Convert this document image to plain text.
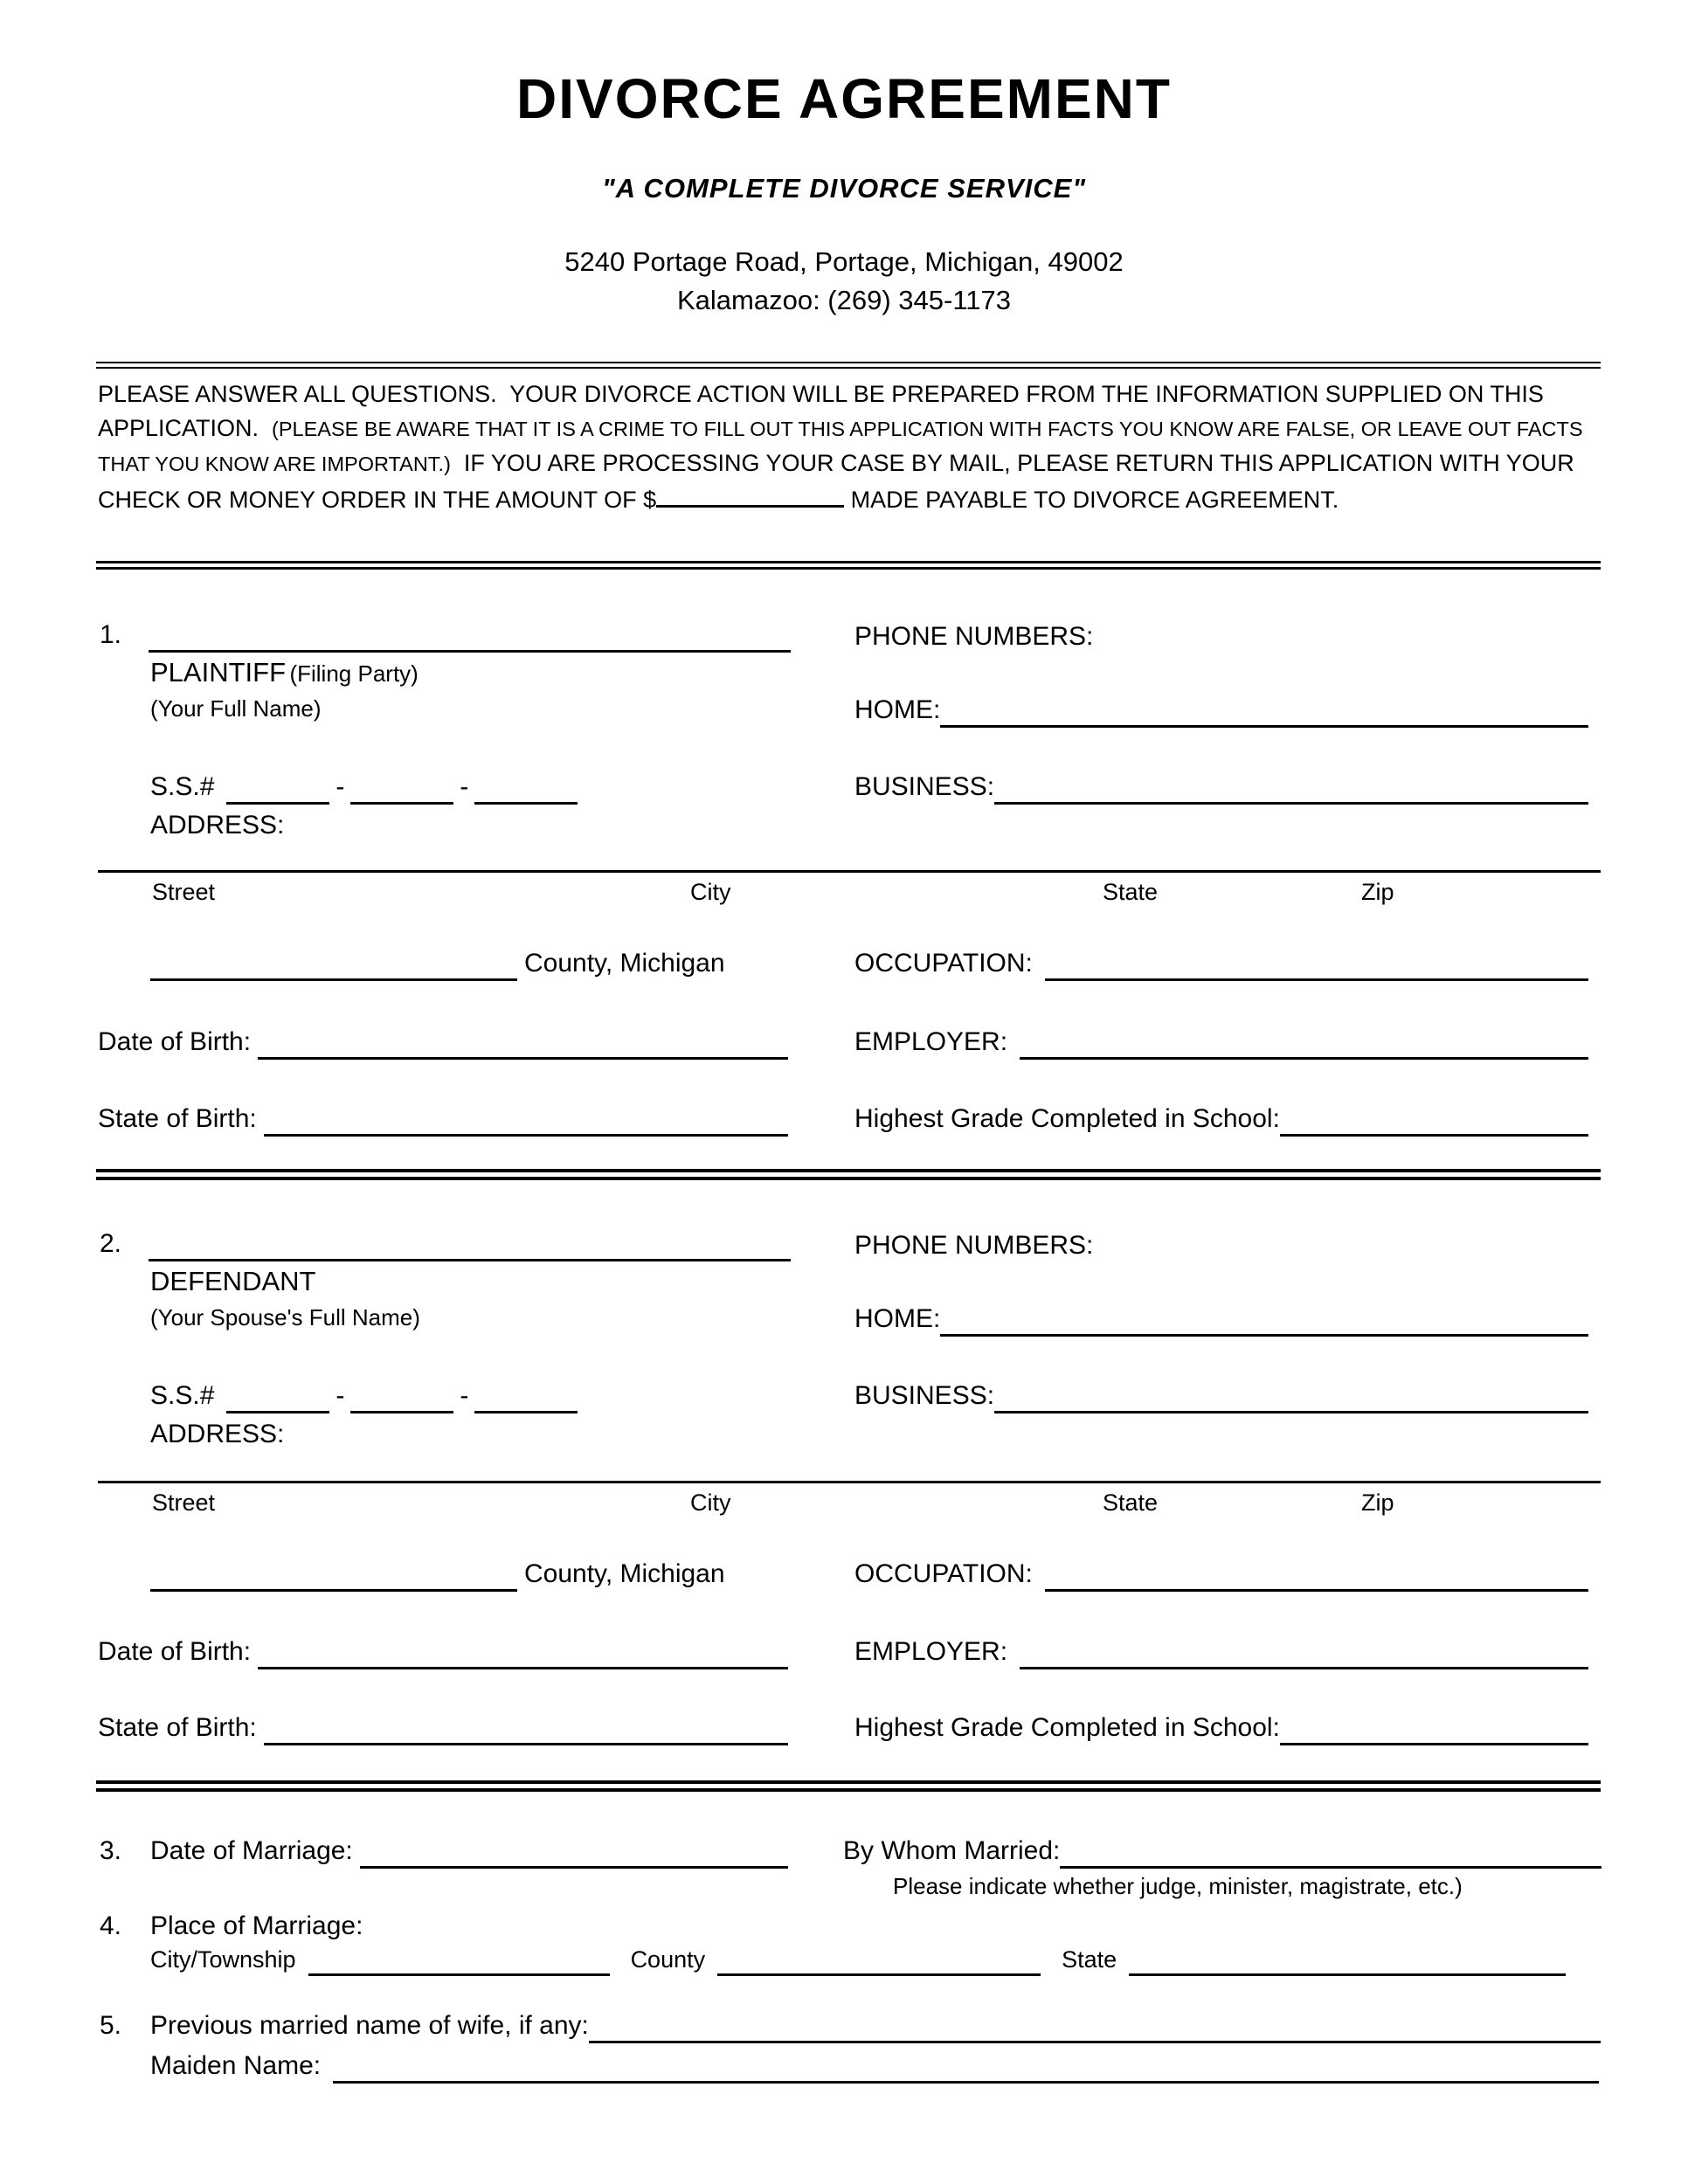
DIVORCE AGREEMENT
"A COMPLETE DIVORCE SERVICE"
5240 Portage Road, Portage, Michigan, 49002
Kalamazoo: (269) 345-1173
PLEASE ANSWER ALL QUESTIONS.  YOUR DIVORCE ACTION WILL BE PREPARED FROM THE INFORMATION SUPPLIED ON THIS APPLICATION.  (PLEASE BE AWARE THAT IT IS A CRIME TO FILL OUT THIS APPLICATION WITH FACTS YOU KNOW ARE FALSE, OR LEAVE OUT FACTS THAT YOU KNOW ARE IMPORTANT.)  IF YOU ARE PROCESSING YOUR CASE BY MAIL, PLEASE RETURN THIS APPLICATION WITH YOUR CHECK OR MONEY ORDER IN THE AMOUNT OF $	MADE PAYABLE TO DIVORCE AGREEMENT.
1.	PHONE NUMBERS:
PLAINTIFF (Filing Party)
(Your Full Name)	HOME:
S.S.#	-	-	BUSINESS:
ADDRESS:
Street	City	State	Zip
County, Michigan	OCCUPATION:
Date of Birth:	EMPLOYER:
State of Birth:	Highest Grade Completed in School:
2.	PHONE NUMBERS:
DEFENDANT
(Your Spouse's Full Name)	HOME:
S.S.#	-	-	BUSINESS:
ADDRESS:
Street	City	State	Zip
County, Michigan	OCCUPATION:
Date of Birth:	EMPLOYER:
State of Birth:	Highest Grade Completed in School:
3. Date of Marriage:	By Whom Married:
Please indicate whether judge, minister, magistrate, etc.)
4. Place of Marriage:
City/Township	County	State
5. Previous married name of wife, if any:
Maiden Name:
